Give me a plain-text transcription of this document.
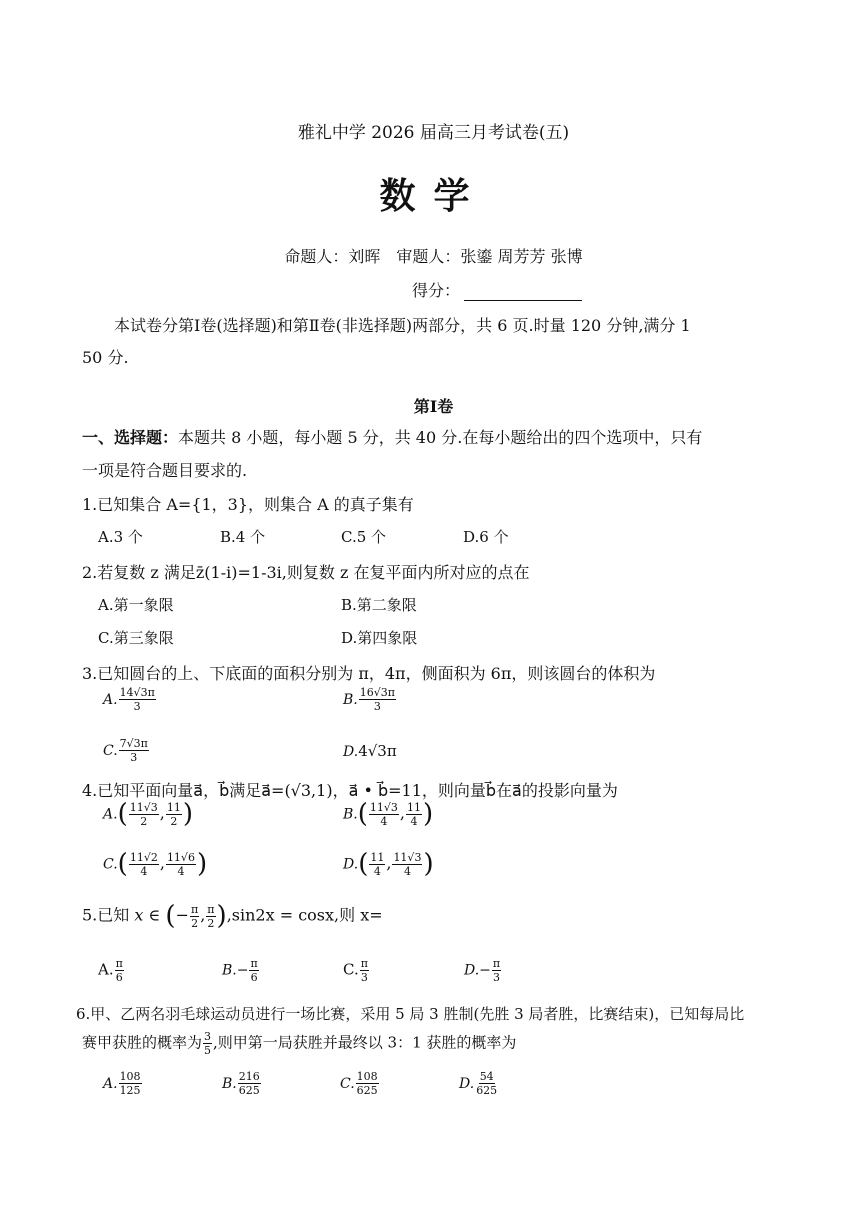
雅礼中学 2026 届高三月考试卷(五)
数学
命题人：刘晖　审题人：张鎏 周芳芳 张博
得分：
本试卷分第Ⅰ卷(选择题)和第Ⅱ卷(非选择题)两部分，共 6 页.时量 120 分钟,满分 1
50 分.
第Ⅰ卷
一、选择题：本题共 8 小题，每小题 5 分，共 40 分.在每小题给出的四个选项中，只有
一项是符合题目要求的.
1.已知集合 A={1，3}，则集合 A 的真子集有
A.3 个	B.4 个	C.5 个	D.6 个
2.若复数 z 满足z̄(1-i)=1-3i,则复数 z 在复平面内所对应的点在
A.第一象限	B.第二象限
C.第三象限	D.第四象限
3.已知圆台的上、下底面的面积分别为 π，4π，侧面积为 6π，则该圆台的体积为
A. $\frac{14√3\pi}{3}$	B. $\frac{16√3\pi}{3}$
C. $\frac{7√3\pi}{3}$	D.4√3π
4.已知平面向量a⃗，b⃗满足a⃗=(√3,1)，a⃗ • b⃗=11，则向量b⃗在a⃗的投影向量为
$A.( \frac{11√3}{2}$ , $\frac{11}{2}$ )	$B.( \frac{11√3}{4}$ , $\frac{11}{4}$ )
$C.( \frac{11√2}{4}$ , $\frac{11√6}{4}$ )	$D.( \frac{11}{4}$ , $\frac{11√3}{4}$ )
5.已知 x ∈ (− $\frac{\pi}{2}$ , $\frac{\pi}{2} ),\sin 2x = \cos x$,则 x=
A. $\frac{\pi}{6}$	$B.- \frac{\pi}{6}$	C. $\frac{\pi}{3}$	$D.- \frac{\pi}{3}$
6.甲、乙两名羽毛球运动员进行一场比赛，采用 5 局 3 胜制(先胜 3 局者胜，比赛结束)，已知每局比
赛甲获胜的概率为 $\frac{3}{5}$ ,则甲第一局获胜并最终以 3：1 获胜的概率为
A. $\frac{108}{125}$	B. $\frac{216}{625}$	C. $\frac{108}{625}$	D. $\frac{54}{625}$
